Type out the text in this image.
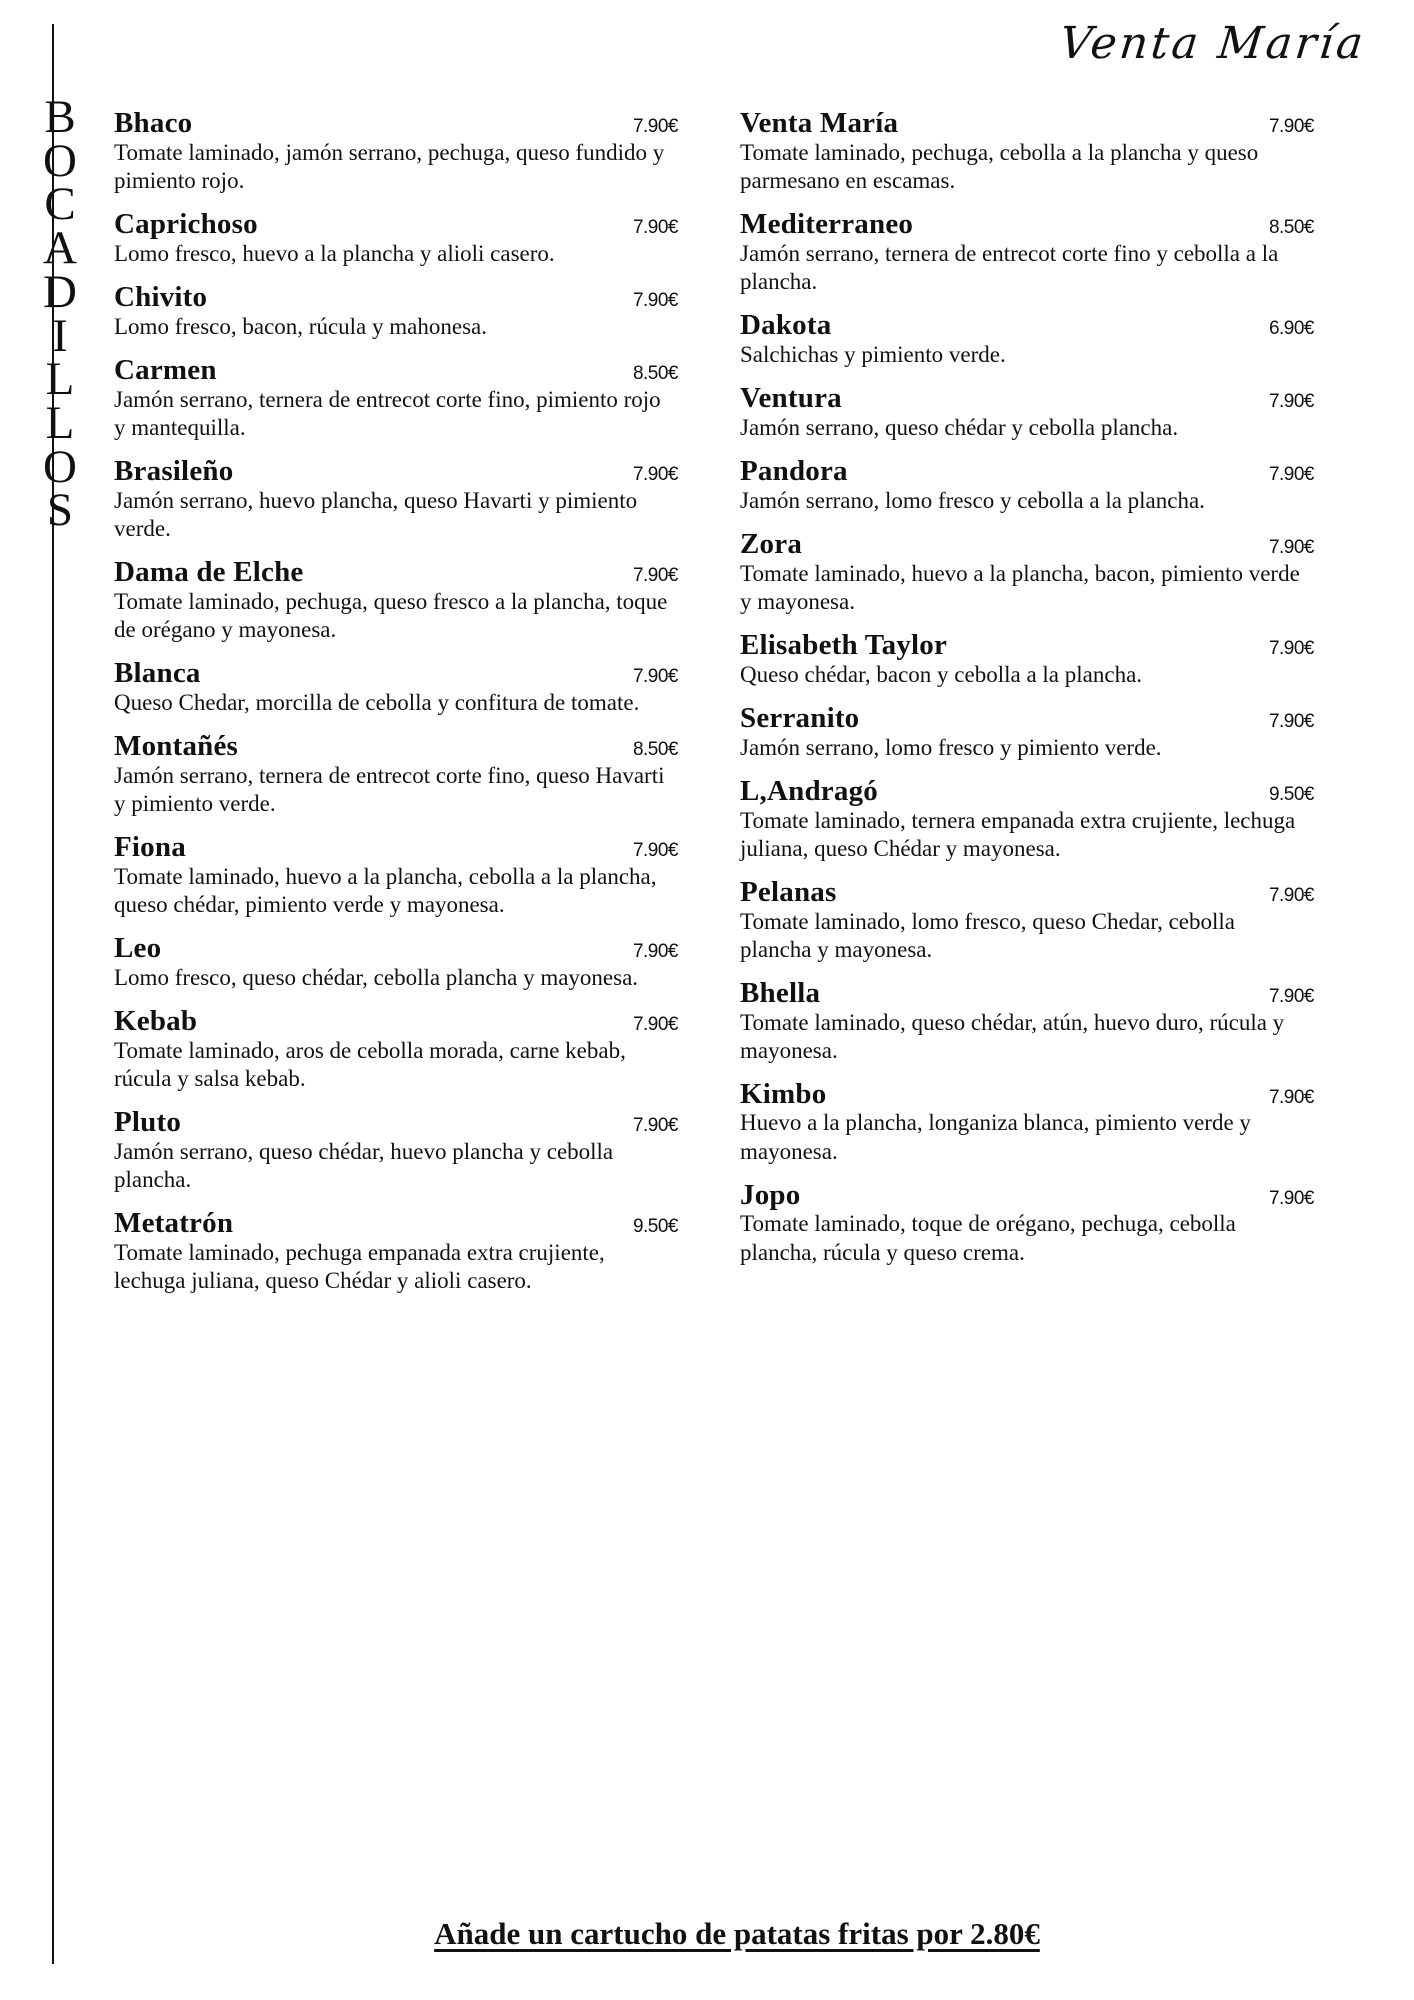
Venta María
B
O
C
A
D
I
L
L
O
S
Bhaco	7.90€
Tomate laminado, jamón serrano, pechuga, queso fundido y pimiento rojo.
Caprichoso	7.90€
Lomo fresco, huevo a la plancha y alioli casero.
Chivito	7.90€
Lomo fresco, bacon, rúcula y mahonesa.
Carmen	8.50€
Jamón serrano, ternera de entrecot corte fino, pimiento rojo y mantequilla.
Brasileño	7.90€
Jamón serrano, huevo plancha, queso Havarti y pimiento verde.
Dama de Elche	7.90€
Tomate laminado, pechuga, queso fresco a la plancha, toque de orégano y mayonesa.
Blanca	7.90€
Queso Chedar, morcilla de cebolla y confitura de tomate.
Montañés	8.50€
Jamón serrano, ternera de entrecot corte fino, queso Havarti y pimiento verde.
Fiona	7.90€
Tomate laminado, huevo a la plancha, cebolla a la plancha, queso chédar, pimiento verde y mayonesa.
Leo	7.90€
Lomo fresco, queso chédar, cebolla plancha y mayonesa.
Kebab	7.90€
Tomate laminado, aros de cebolla morada, carne kebab, rúcula y salsa kebab.
Pluto	7.90€
Jamón serrano, queso chédar, huevo plancha y cebolla plancha.
Metatrón	9.50€
Tomate laminado, pechuga empanada extra crujiente, lechuga juliana, queso Chédar y alioli casero.
Venta María	7.90€
Tomate laminado, pechuga, cebolla a la plancha y queso parmesano en escamas.
Mediterraneo	8.50€
Jamón serrano, ternera de entrecot corte fino y cebolla a la plancha.
Dakota	6.90€
Salchichas y pimiento verde.
Ventura	7.90€
Jamón serrano, queso chédar y cebolla plancha.
Pandora	7.90€
Jamón serrano, lomo fresco y cebolla a la plancha.
Zora	7.90€
Tomate laminado, huevo a la plancha, bacon, pimiento verde y mayonesa.
Elisabeth Taylor	7.90€
Queso chédar, bacon y cebolla a la plancha.
Serranito	7.90€
Jamón serrano, lomo fresco y pimiento verde.
L,Andragó	9.50€
Tomate laminado, ternera empanada extra crujiente, lechuga juliana, queso Chédar y mayonesa.
Pelanas	7.90€
Tomate laminado, lomo fresco, queso Chedar, cebolla plancha y mayonesa.
Bhella	7.90€
Tomate laminado, queso chédar, atún, huevo duro, rúcula y mayonesa.
Kimbo	7.90€
Huevo a la plancha, longaniza blanca, pimiento verde y mayonesa.
Jopo	7.90€
Tomate laminado, toque de orégano, pechuga, cebolla plancha, rúcula y queso crema.
Añade un cartucho de patatas fritas por 2.80€
